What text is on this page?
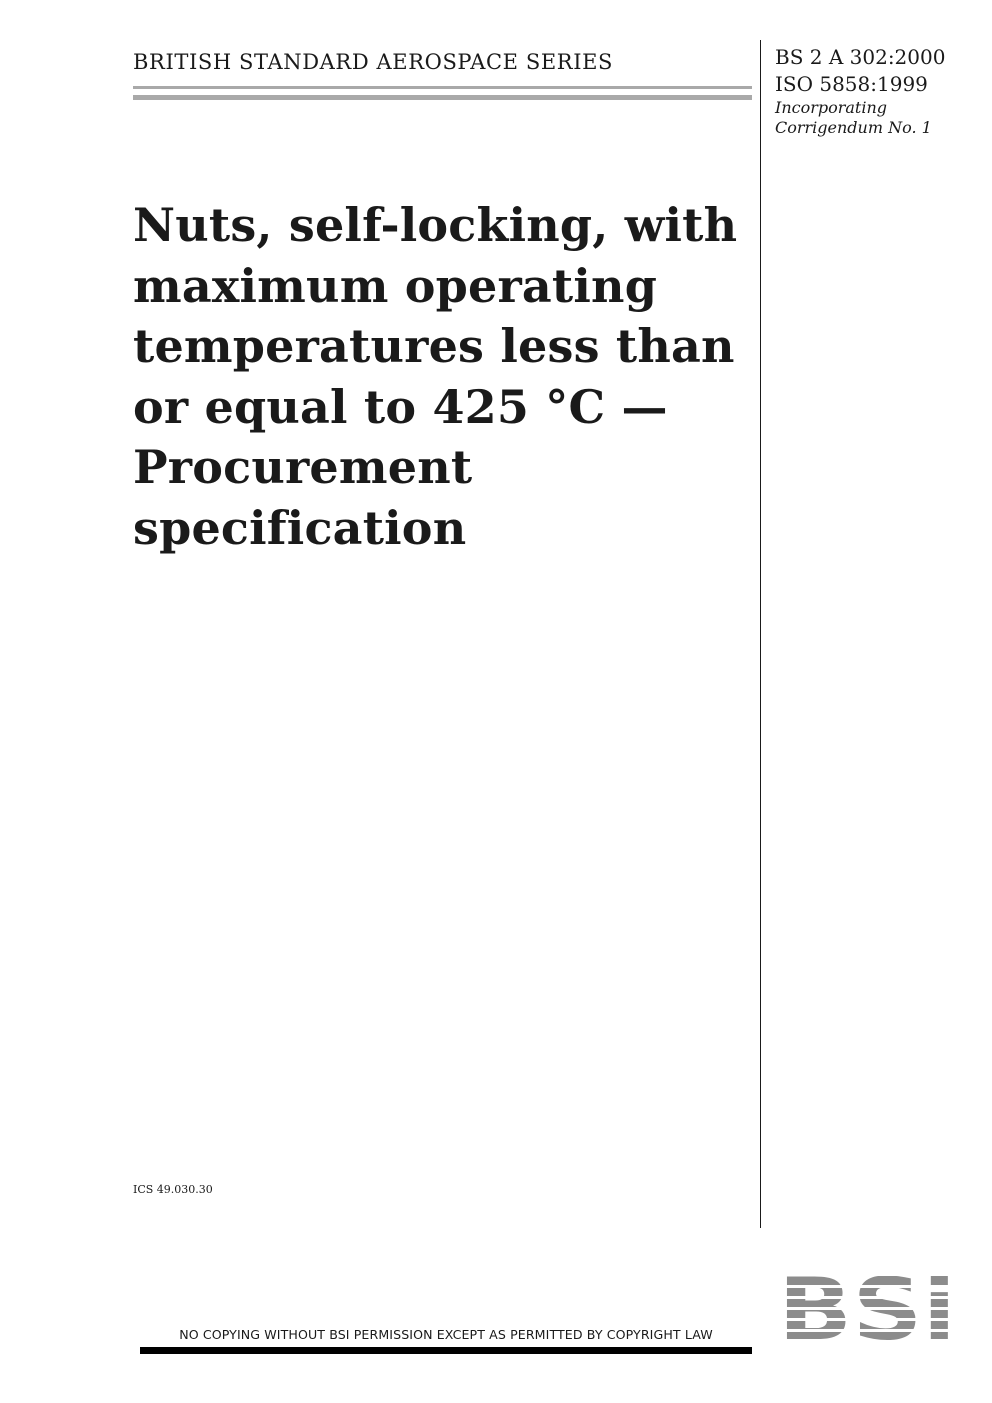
BRITISH STANDARD AEROSPACE SERIES	BS 2 A 302:2000
ISO 5858:1999
Incorporating
Corrigendum No. 1
Nuts, self-locking, with
maximum operating
temperatures less than
or equal to 425 °C —
Procurement
specification
ICS 49.030.30
NO COPYING WITHOUT BSI PERMISSION EXCEPT AS PERMITTED BY COPYRIGHT LAW
